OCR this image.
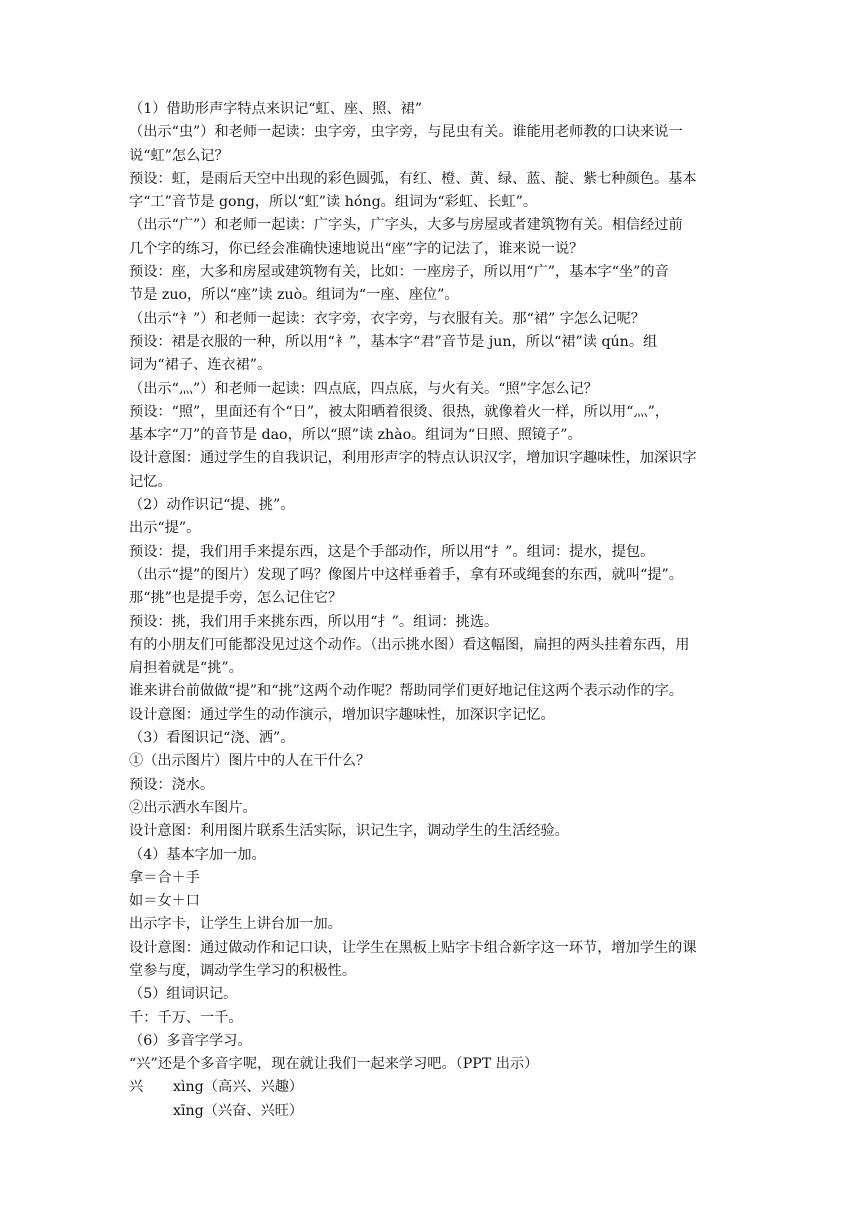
（1）借助形声字特点来识记“虹、座、照、裙”
（出示“虫”）和老师一起读：虫字旁，虫字旁，与昆虫有关。谁能用老师教的口诀来说一
说“虹”怎么记？
预设：虹，是雨后天空中出现的彩色圆弧，有红、橙、黄、绿、蓝、靛、紫七种颜色。基本
字“工”音节是 gong，所以“虹”读 hóng。组词为“彩虹、长虹”。
（出示“广”）和老师一起读：广字头，广字头，大多与房屋或者建筑物有关。相信经过前
几个字的练习，你已经会准确快速地说出“座”字的记法了，谁来说一说？
预设：座，大多和房屋或建筑物有关，比如：一座房子，所以用“广”，基本字“坐”的音
节是 zuo，所以“座”读 zuò。组词为“一座、座位”。
（出示“衤”）和老师一起读：衣字旁，衣字旁，与衣服有关。那“裙” 字怎么记呢？
预设：裙是衣服的一种，所以用“衤”，基本字“君”音节是 jun，所以“裙”读 qún。组
词为“裙子、连衣裙”。
（出示“灬”）和老师一起读：四点底，四点底，与火有关。“照”字怎么记？
预设：“照”，里面还有个“日”，被太阳晒着很烫、很热，就像着火一样，所以用“灬”，
基本字“刀”的音节是 dao，所以“照”读 zhào。组词为“日照、照镜子”。
设计意图：通过学生的自我识记，利用形声字的特点认识汉字，增加识字趣味性，加深识字
记忆。
（2）动作识记“提、挑”。
出示“提”。
预设：提，我们用手来提东西，这是个手部动作，所以用“扌”。组词：提水，提包。
（出示“提”的图片）发现了吗？像图片中这样垂着手，拿有环或绳套的东西，就叫“提”。
那“挑”也是提手旁，怎么记住它？
预设：挑，我们用手来挑东西，所以用“扌”。组词：挑选。
有的小朋友们可能都没见过这个动作。（出示挑水图）看这幅图，扁担的两头挂着东西，用
肩担着就是“挑”。
谁来讲台前做做“提”和“挑”这两个动作呢？帮助同学们更好地记住这两个表示动作的字。
设计意图：通过学生的动作演示，增加识字趣味性，加深识字记忆。
（3）看图识记“浇、洒”。
①（出示图片）图片中的人在干什么？
预设：浇水。
②出示洒水车图片。
设计意图：利用图片联系生活实际，识记生字，调动学生的生活经验。
（4）基本字加一加。
拿＝合＋手
如＝女＋口
出示字卡，让学生上讲台加一加。
设计意图：通过做动作和记口诀，让学生在黑板上贴字卡组合新字这一环节，增加学生的课
堂参与度，调动学生学习的积极性。
（5）组词识记。
千：千万、一千。
（6）多音字学习。
“兴”还是个多音字呢，现在就让我们一起来学习吧。（PPT 出示）
兴	xìng（高兴、兴趣）
xīng（兴奋、兴旺）
